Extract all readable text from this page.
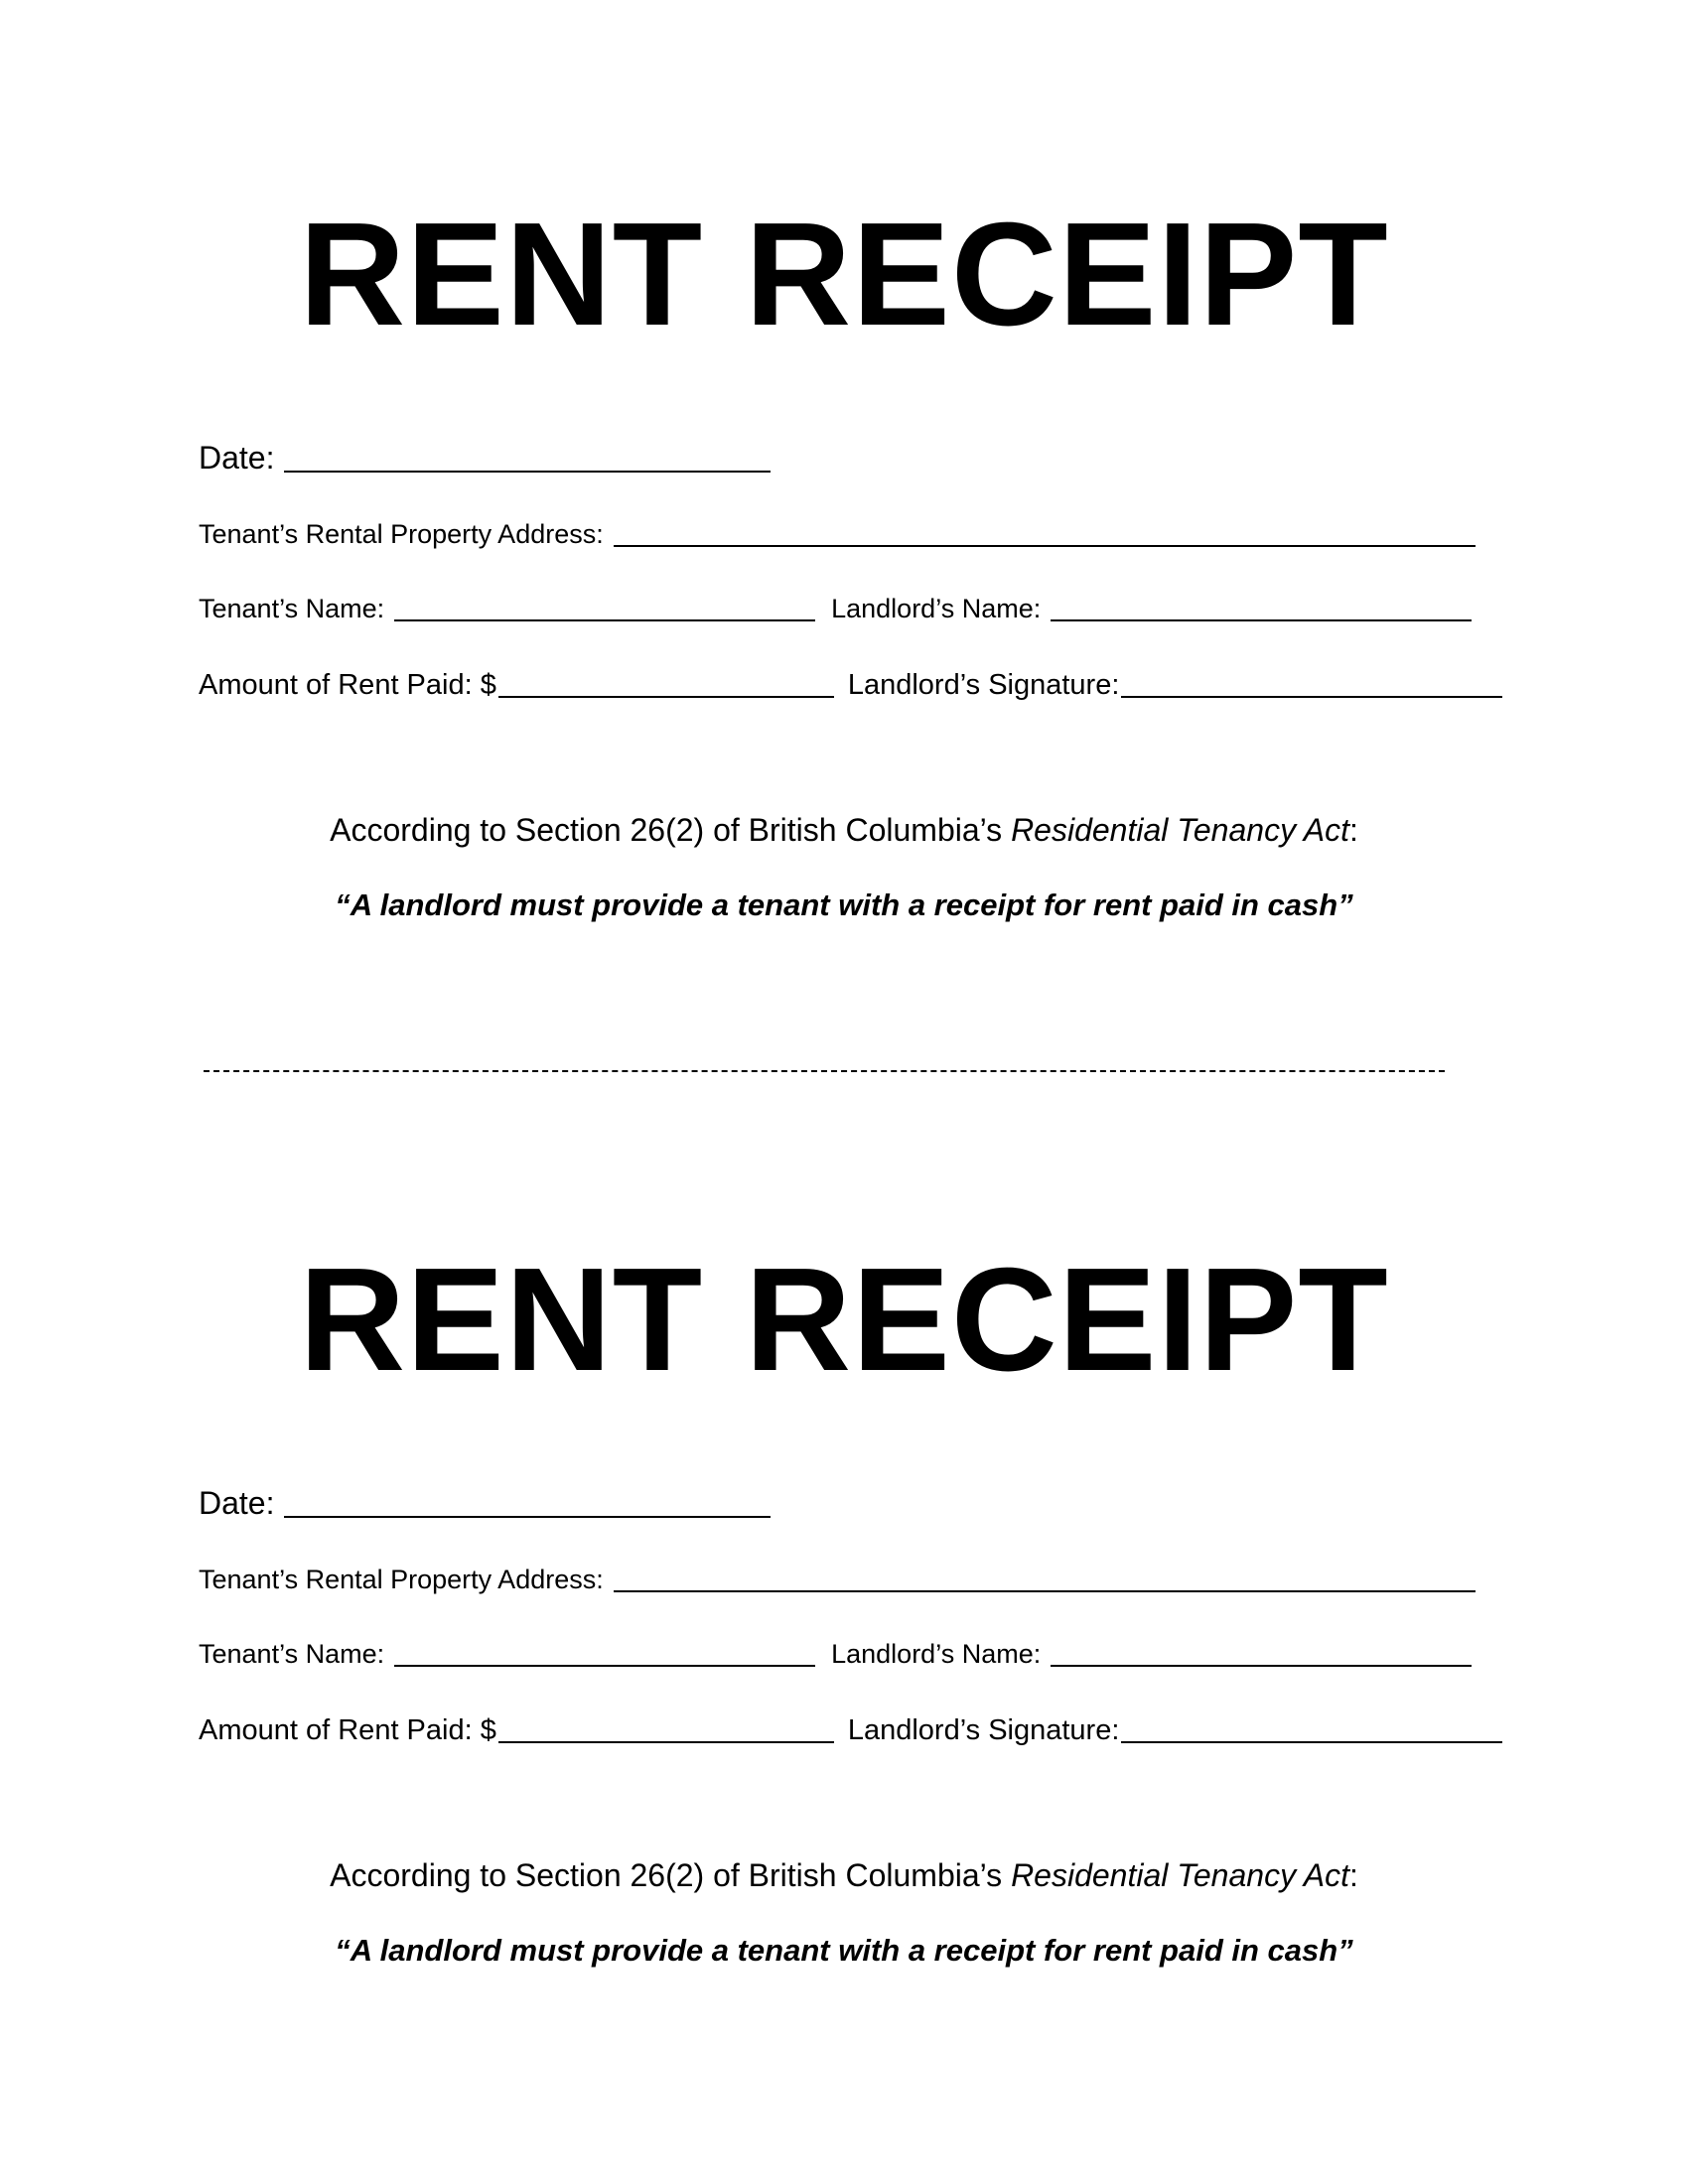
RENT RECEIPT
Date:
Tenant’s Rental Property Address:
Tenant’s Name:	Landlord’s Name:
Amount of Rent Paid: $	Landlord’s Signature:
According to Section 26(2) of British Columbia’s Residential Tenancy Act:
“A landlord must provide a tenant with a receipt for rent paid in cash”
RENT RECEIPT
Date:
Tenant’s Rental Property Address:
Tenant’s Name:	Landlord’s Name:
Amount of Rent Paid: $	Landlord’s Signature:
According to Section 26(2) of British Columbia’s Residential Tenancy Act:
“A landlord must provide a tenant with a receipt for rent paid in cash”
